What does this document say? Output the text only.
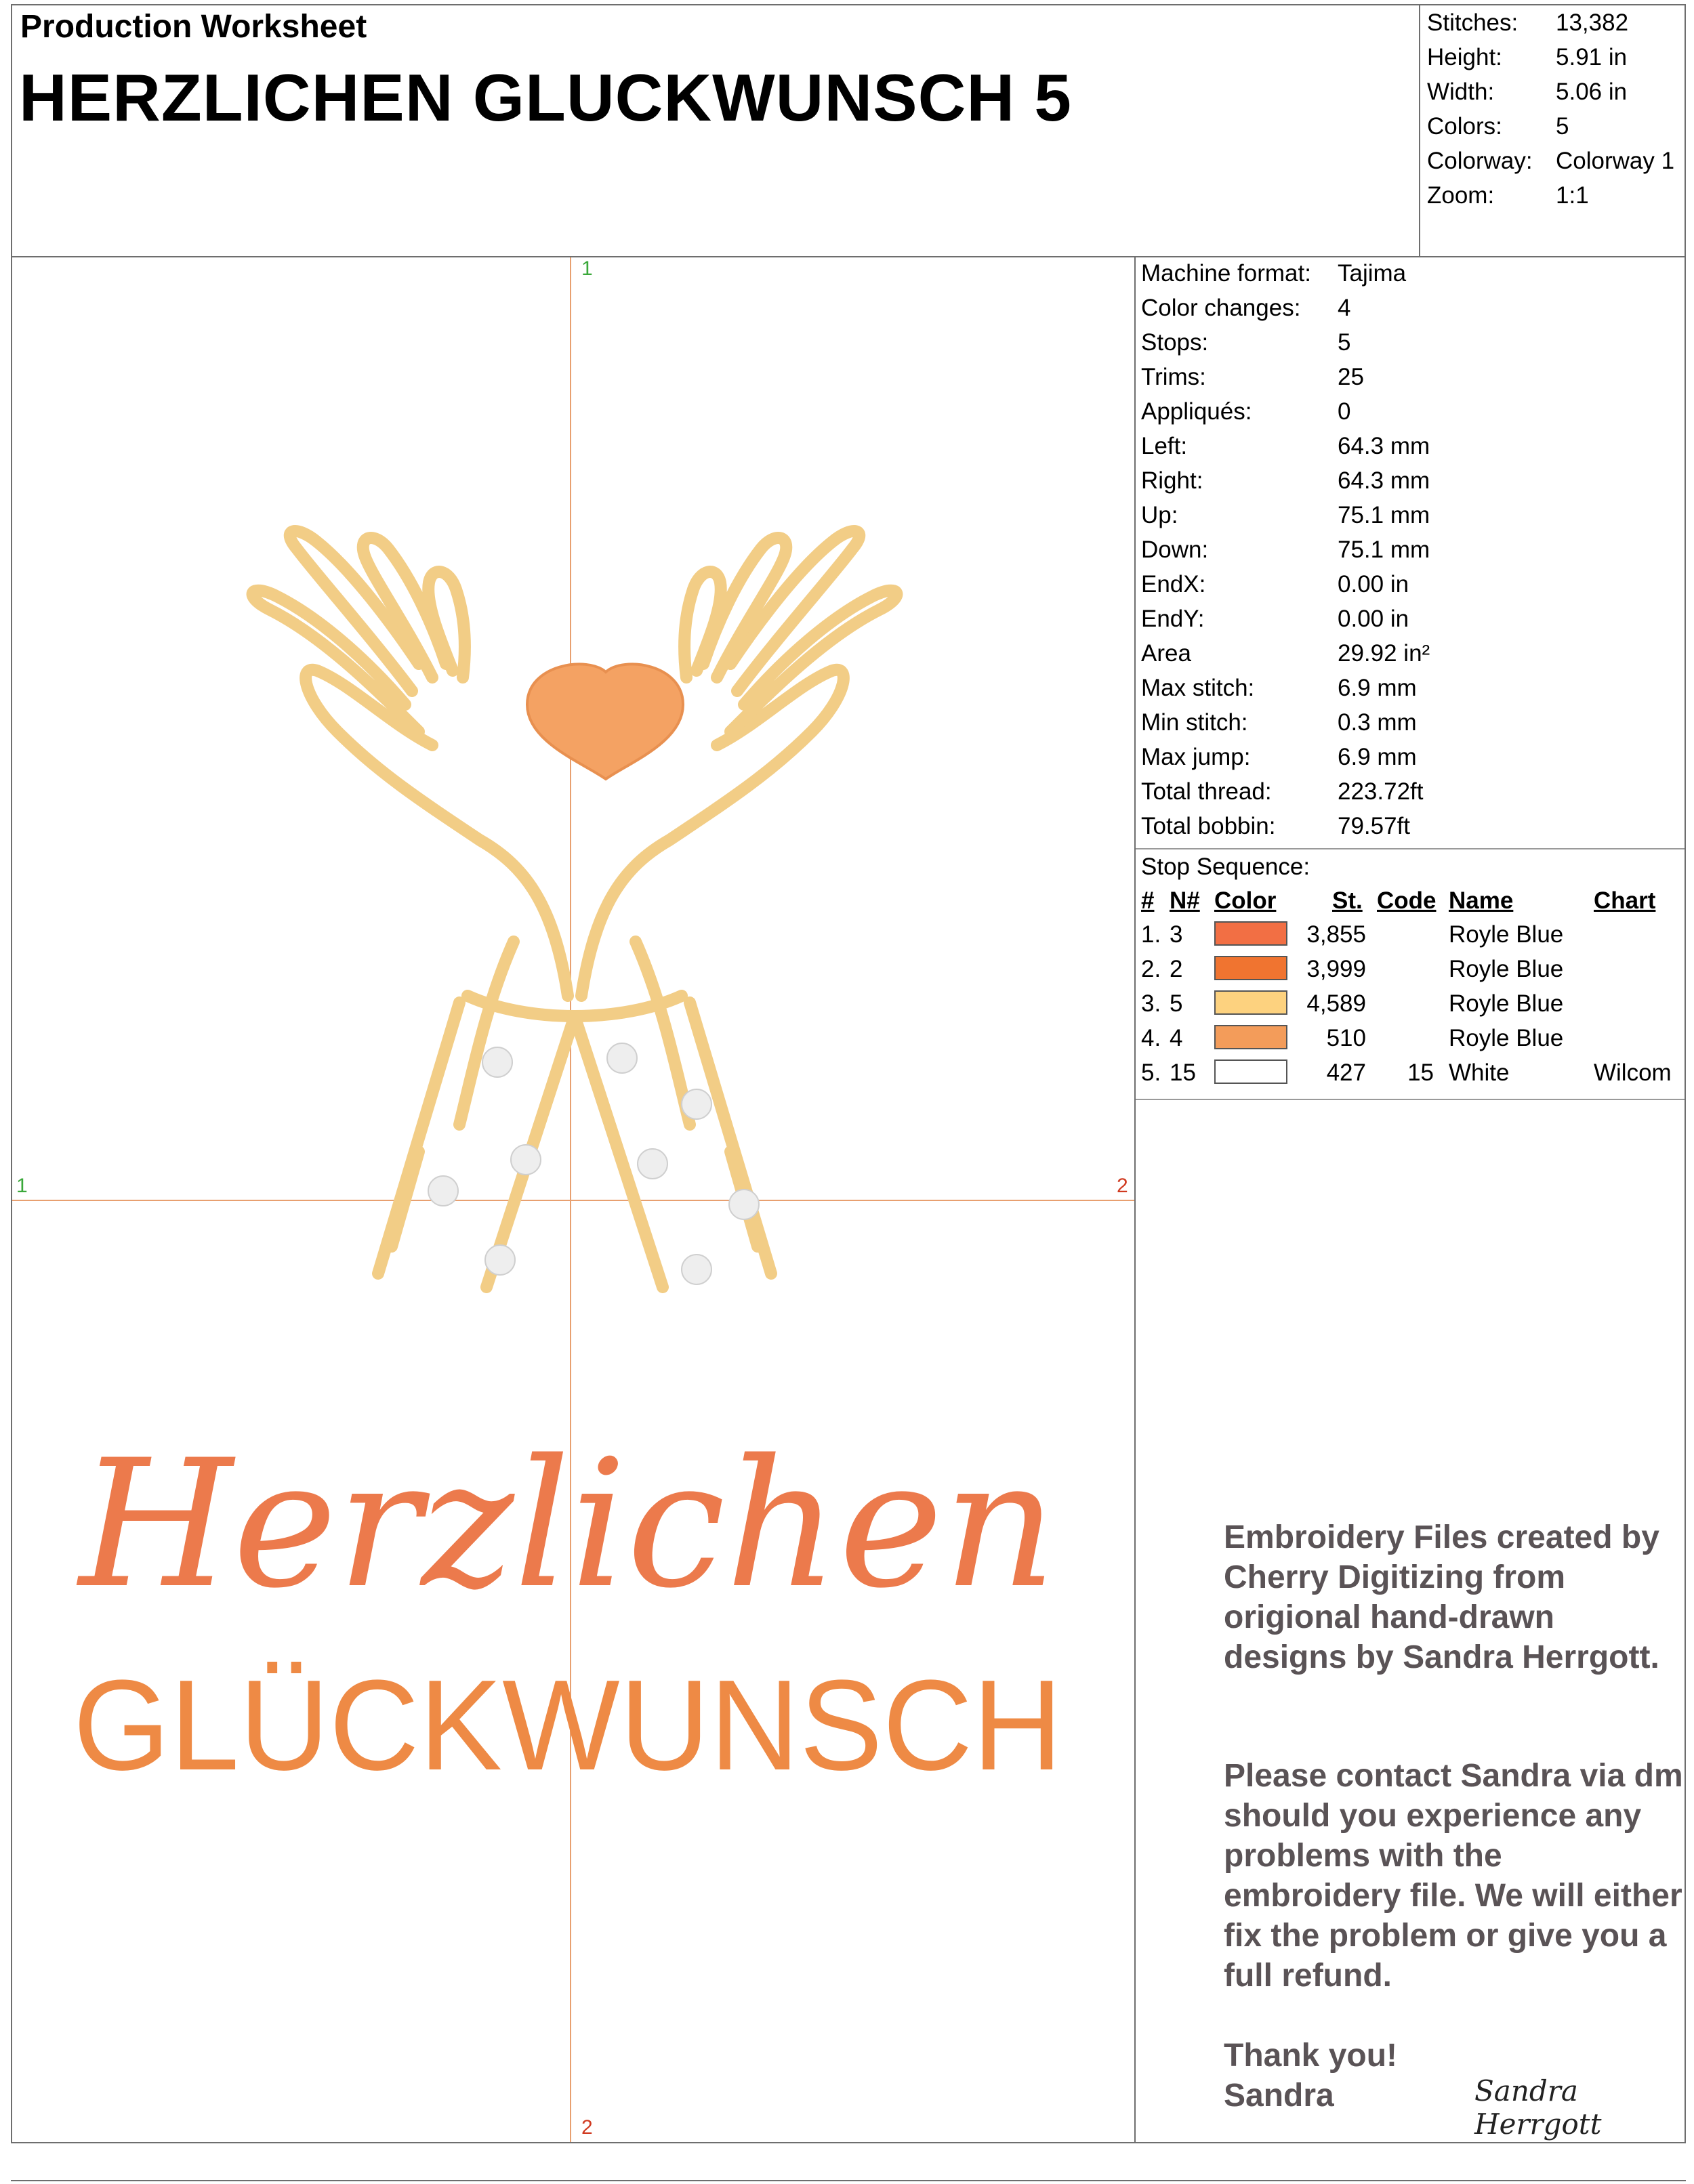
Production Worksheet
HERZLICHEN GLUCKWUNSCH 5
Stitches: 13,382
Height: 5.91 in
Width:	5.06 in
Colors: 5
Colorway: Colorway 1
Zoom:	1:1
1
2
1	2
Herzlichen
GLÜCKWUNSCH
Machine format: Tajima
Color changes: 4
Stops:	5
Trims:	25
Appliqués:	0
Left:	64.3 mm
Right:	64.3 mm
Up:	75.1 mm
Down:	75.1 mm
EndX:	0.00 in
EndY:	0.00 in
Area	29.92 in²
Max stitch:	6.9 mm
Min stitch:	0.3 mm
Max jump:	6.9 mm
Total thread:	223.72ft
Total bobbin:	79.57ft
Stop Sequence:
# N# Color St. Code Name	Chart
1. 3	3,855	Royle Blue
2. 2	3,999	Royle Blue
3. 5	4,589	Royle Blue
4. 4	510	Royle Blue
5. 15	427 15 White	Wilcom
Embroidery Files created by Cherry Digitizing from origional hand-drawn designs by Sandra Herrgott.
Please contact Sandra via dm should you experience any problems with the embroidery file. We will either fix the problem or give you a full refund.
Thank you!
Sandra	Sandra Herrgott
